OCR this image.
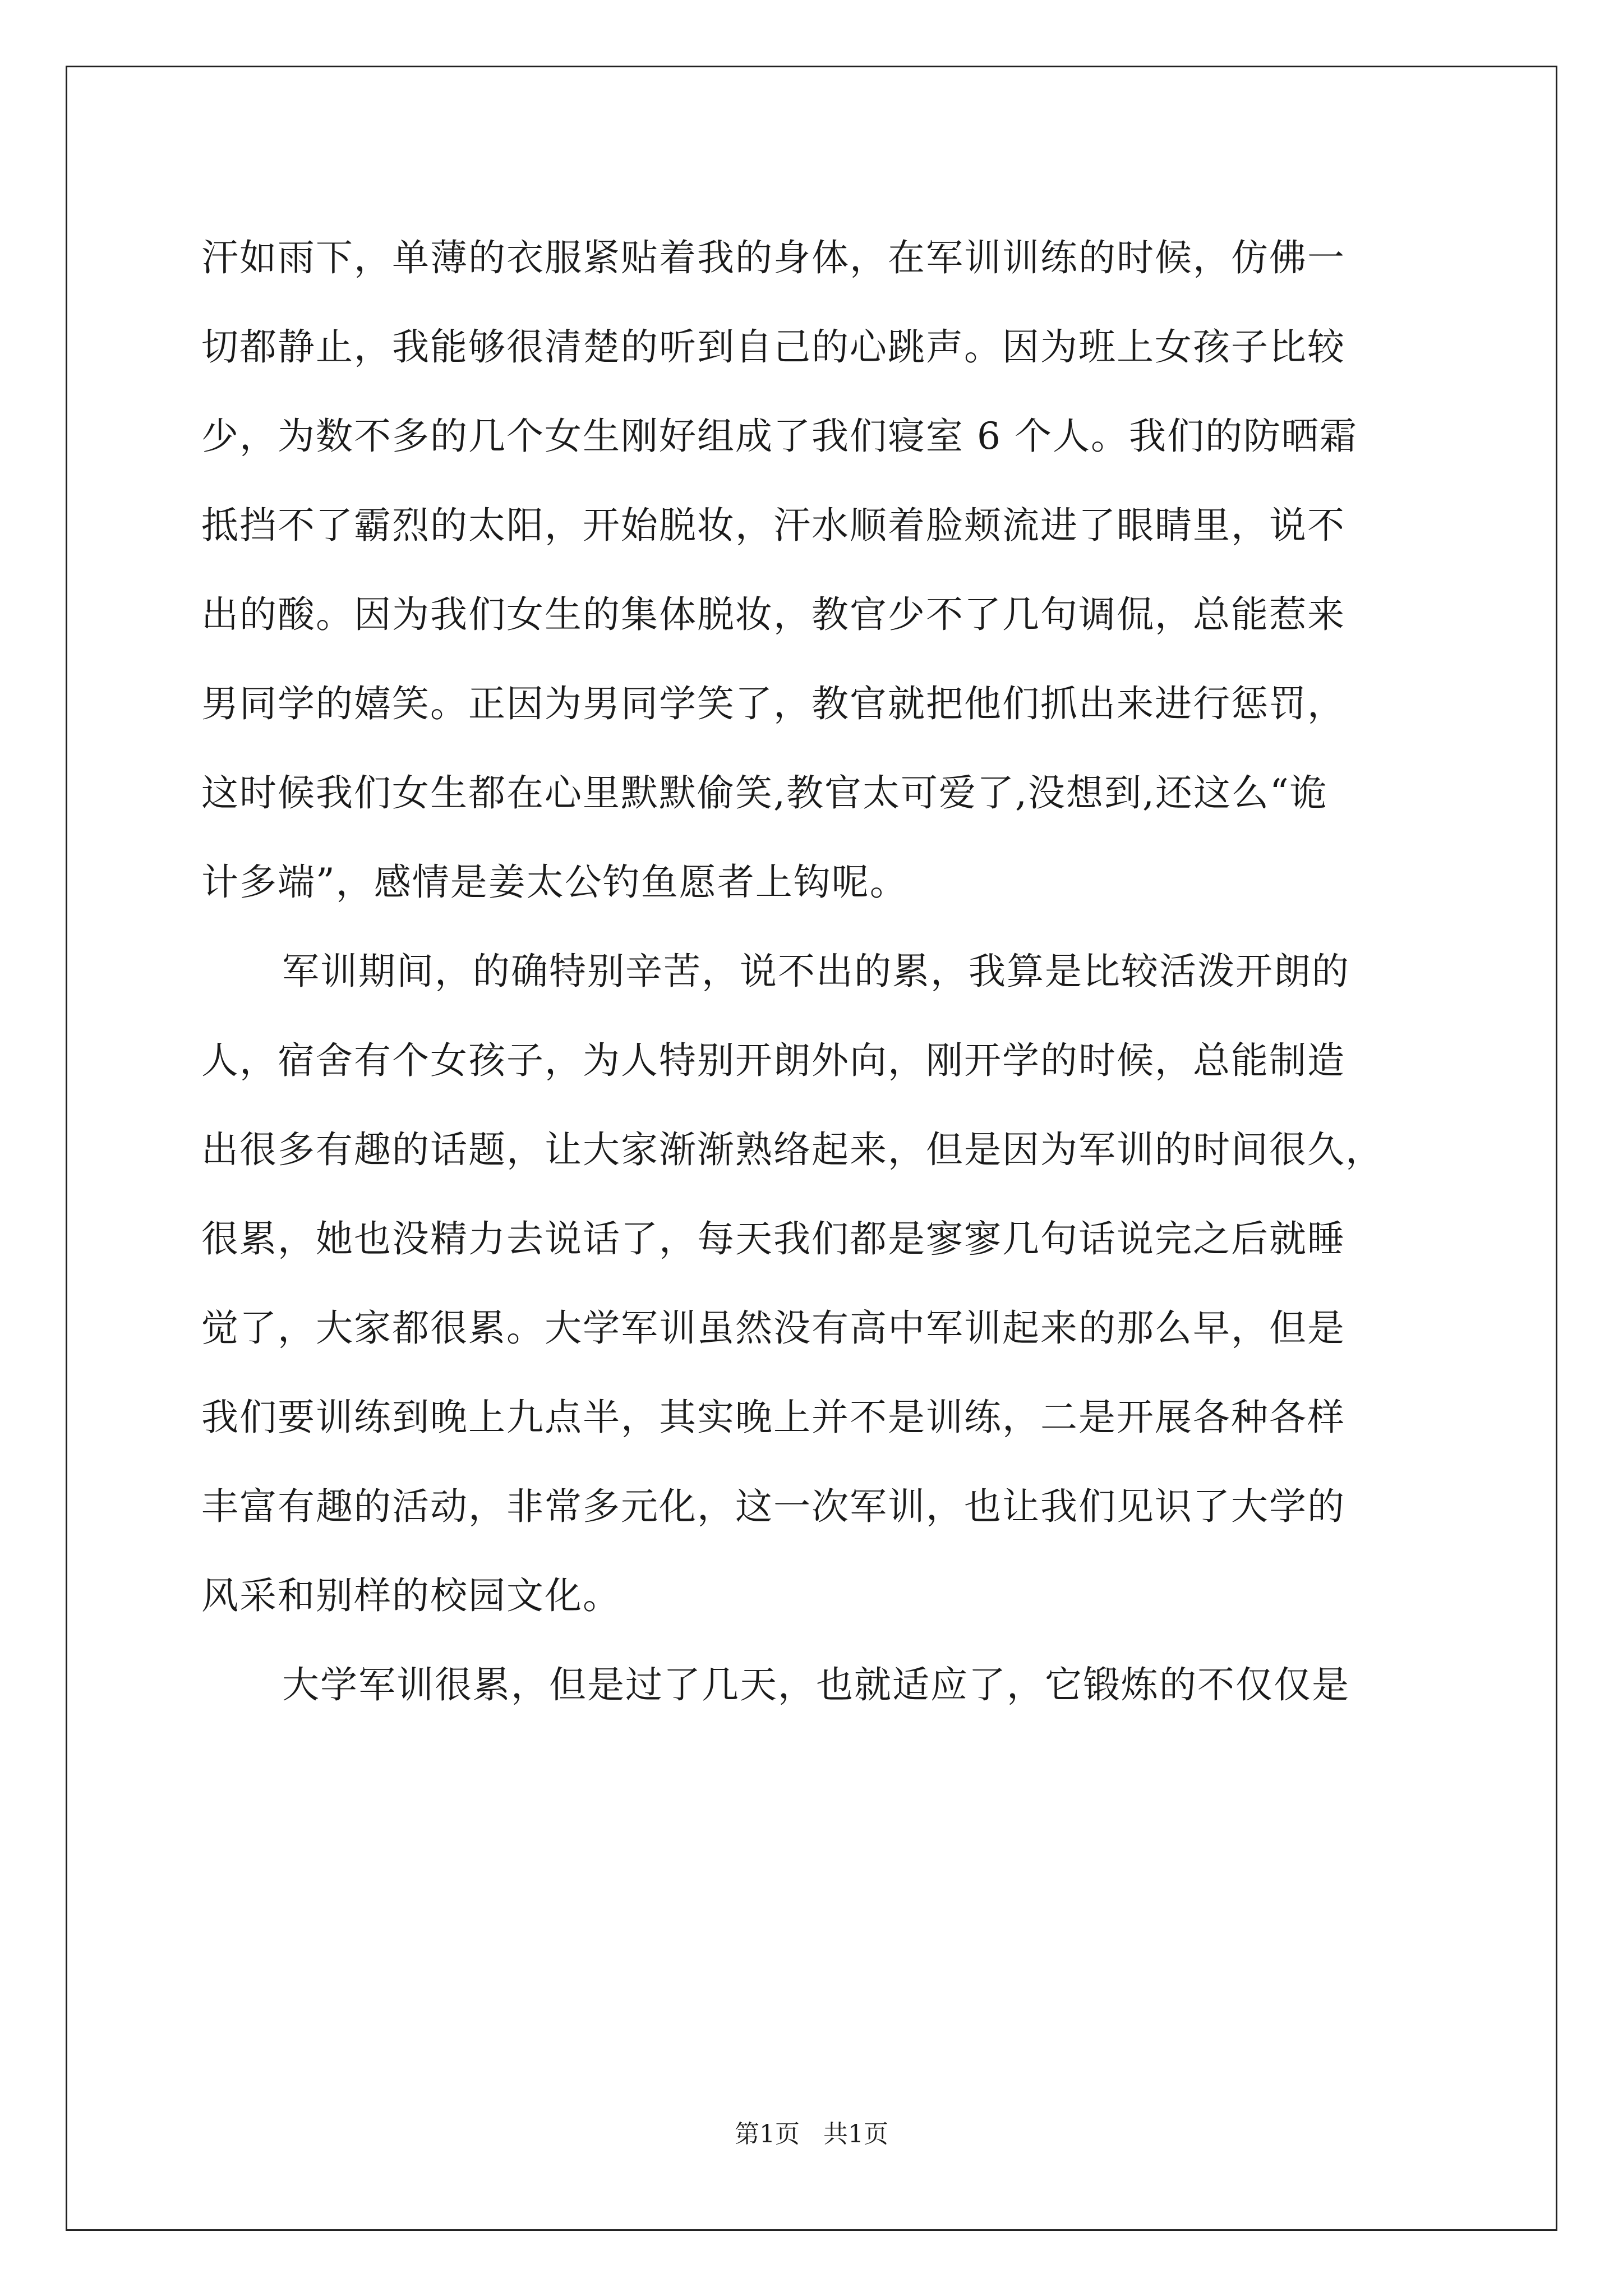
汗如雨下，单薄的衣服紧贴着我的身体，在军训训练的时候，仿佛一
切都静止，我能够很清楚的听到自己的心跳声。因为班上女孩子比较
少，为数不多的几个女生刚好组成了我们寝室 6 个人。我们的防晒霜
抵挡不了霸烈的太阳，开始脱妆，汗水顺着脸颊流进了眼睛里，说不
出的酸。因为我们女生的集体脱妆，教官少不了几句调侃，总能惹来
男同学的嬉笑。正因为男同学笑了，教官就把他们抓出来进行惩罚，
这时候我们女生都在心里默默偷笑,教官太可爱了,没想到,还这么“诡
计多端”，感情是姜太公钓鱼愿者上钩呢。
军训期间，的确特别辛苦，说不出的累，我算是比较活泼开朗的
人，宿舍有个女孩子，为人特别开朗外向，刚开学的时候，总能制造
出很多有趣的话题，让大家渐渐熟络起来，但是因为军训的时间很久，
很累，她也没精力去说话了，每天我们都是寥寥几句话说完之后就睡
觉了，大家都很累。大学军训虽然没有高中军训起来的那么早，但是
我们要训练到晚上九点半，其实晚上并不是训练，二是开展各种各样
丰富有趣的活动，非常多元化，这一次军训，也让我们见识了大学的
风采和别样的校园文化。
大学军训很累，但是过了几天，也就适应了，它锻炼的不仅仅是
第1页 共1页
